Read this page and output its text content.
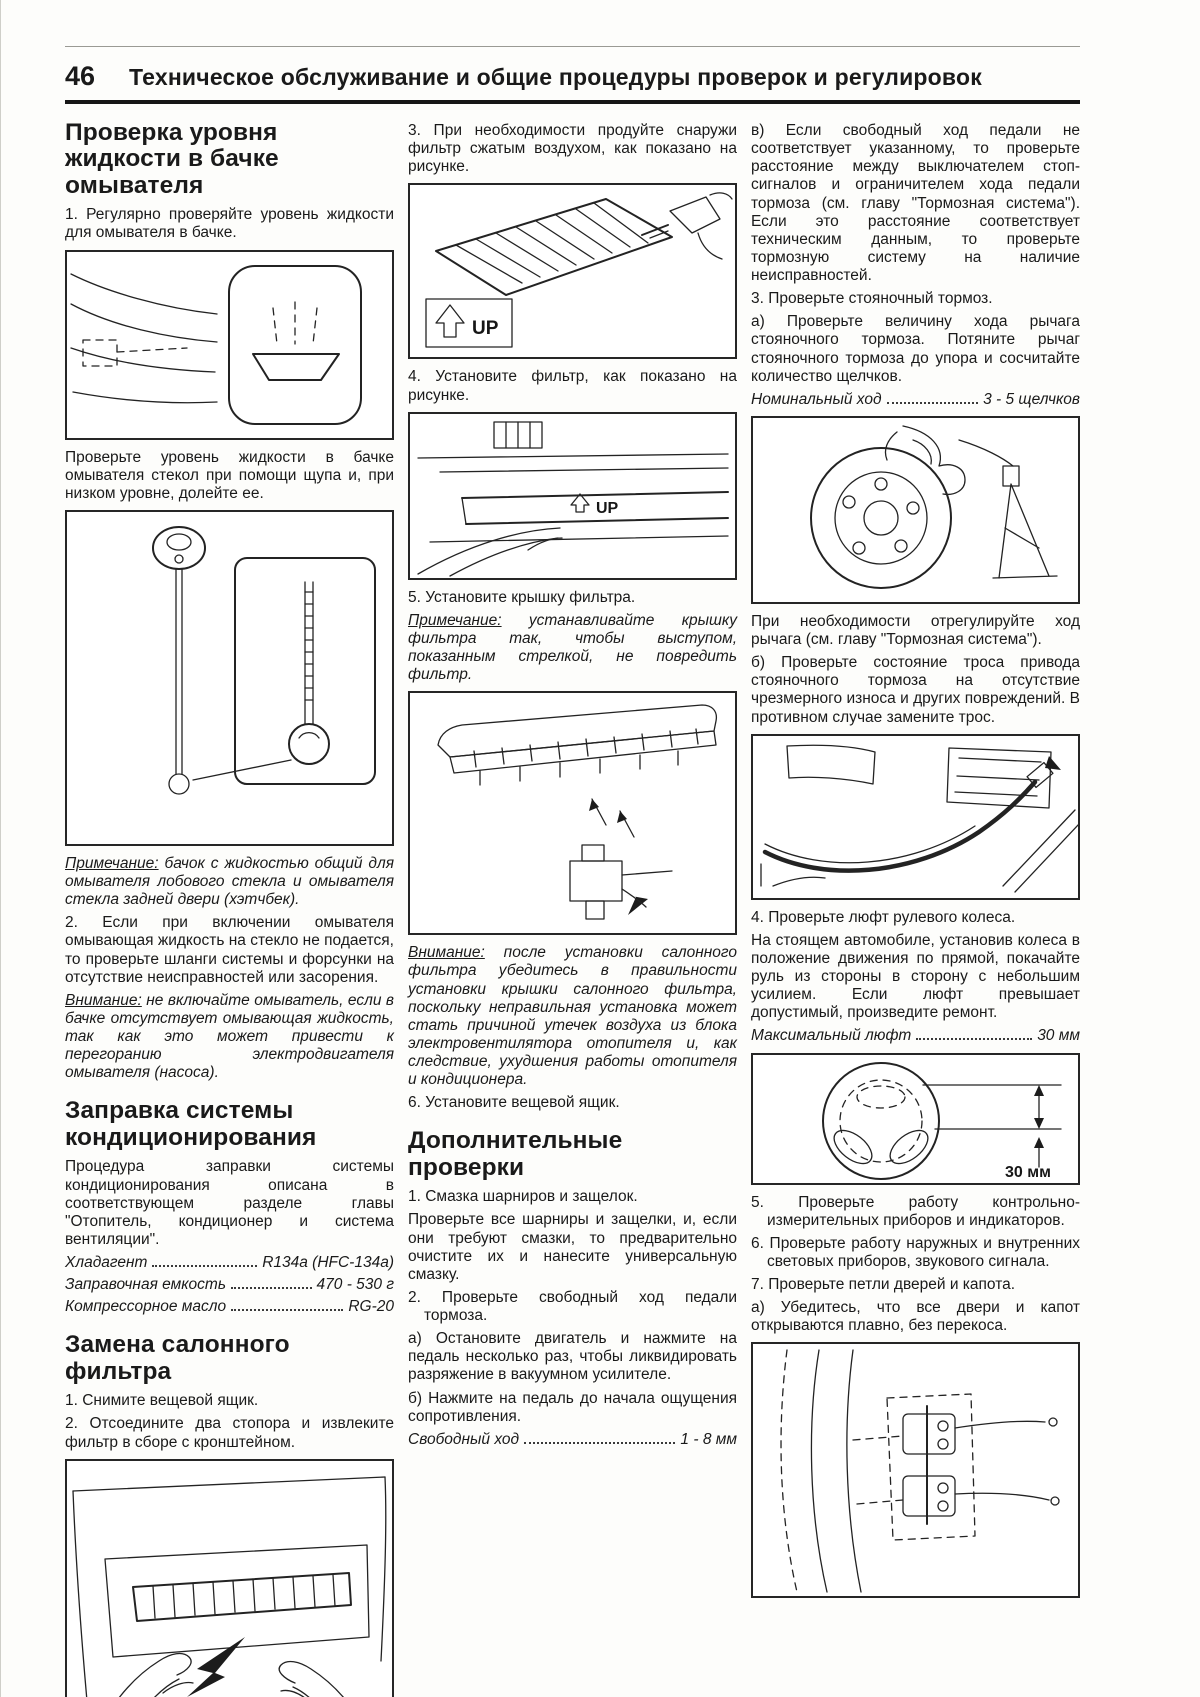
46 Техническое обслуживание и общие процедуры проверок и регулировок
Проверка уровня жидкости в бачке омывателя

1. Регулярно проверяйте уровень жидкости для омывателя в бачке.

Проверьте уровень жидкости в бачке омывателя стекол при помощи щупа и, при низком уровне, долейте ее.

Примечание: бачок с жидкостью общий для омывателя лобового стекла и омывателя стекла задней двери (хэтчбек).

2. Если при включении омывателя омывающая жидкость на стекло не подается, то проверьте шланги системы и форсунки на отсутствие неисправностей или засорения.

Внимание: не включайте омыватель, если в бачке отсутствует омывающая жидкость, так как это может привести к перегоранию электродвигателя омывателя (насоса).

Заправка системы кондиционирования

Процедура заправки системы кондиционирования описана в соответствующем разделе главы "Отопитель, кондиционер и система вентиляции".

Хладагент	R134a (HFC-134a)
Заправочная емкость	470 - 530 г
Компрессорное масло	RG-20
Замена салонного фильтра

1. Снимите вещевой ящик.

2. Отсоедините два стопора и извлеките фильтр в сборе с кронштейном.

3. При необходимости продуйте снаружи фильтр сжатым воздухом, как показано на рисунке.

UP

4. Установите фильтр, как показано на рисунке.

UP

5. Установите крышку фильтра.

Примечание: устанавливайте крышку фильтра так, чтобы выступом, показанным стрелкой, не повредить фильтр.

Внимание: после установки салонного фильтра убедитесь в правильности установки крышки салонного фильтра, поскольку неправильная установка может стать причиной утечек воздуха из блока электровентилятора отопителя и, как следствие, ухудшения работы отопителя и кондиционера.

6. Установите вещевой ящик.

Дополнительные проверки

1. Смазка шарниров и защелок.

Проверьте все шарниры и защелки, и, если они требуют смазки, то предварительно очистите их и нанесите универсальную смазку.

2. Проверьте свободный ход педали тормоза.

а) Остановите двигатель и нажмите на педаль несколько раз, чтобы ликвидировать разряжение в вакуумном усилителе.

б) Нажмите на педаль до начала ощущения сопротивления.

Свободный ход	1 - 8 мм

в) Если свободный ход педали не соответствует указанному, то проверьте расстояние между выключателем стоп-сигналов и ограничителем хода педали тормоза (см. главу "Тормозная система"). Если это расстояние соответствует техническим данным, то проверьте тормозную систему на наличие неисправностей.

3. Проверьте стояночный тормоз.

а) Проверьте величину хода рычага стояночного тормоза. Потяните рычаг стояночного тормоза до упора и сосчитайте количество щелчков.

Номинальный ход	3 - 5 щелчков

При необходимости отрегулируйте ход рычага (см. главу "Тормозная система").

б) Проверьте состояние троса привода стояночного тормоза на отсутствие чрезмерного износа и других повреждений. В противном случае замените трос.

4. Проверьте люфт рулевого колеса.

На стоящем автомобиле, установив колеса в положение движения по прямой, покачайте руль из стороны в сторону с небольшим усилием. Если люфт превышает допустимый, произведите ремонт.

Максимальный люфт	30 мм
30 мм

5. Проверьте работу контрольно-измерительных приборов и индикаторов.

6. Проверьте работу наружных и внутренних световых приборов, звукового сигнала.

7. Проверьте петли дверей и капота.

а) Убедитесь, что все двери и капот открываются плавно, без перекоса.
